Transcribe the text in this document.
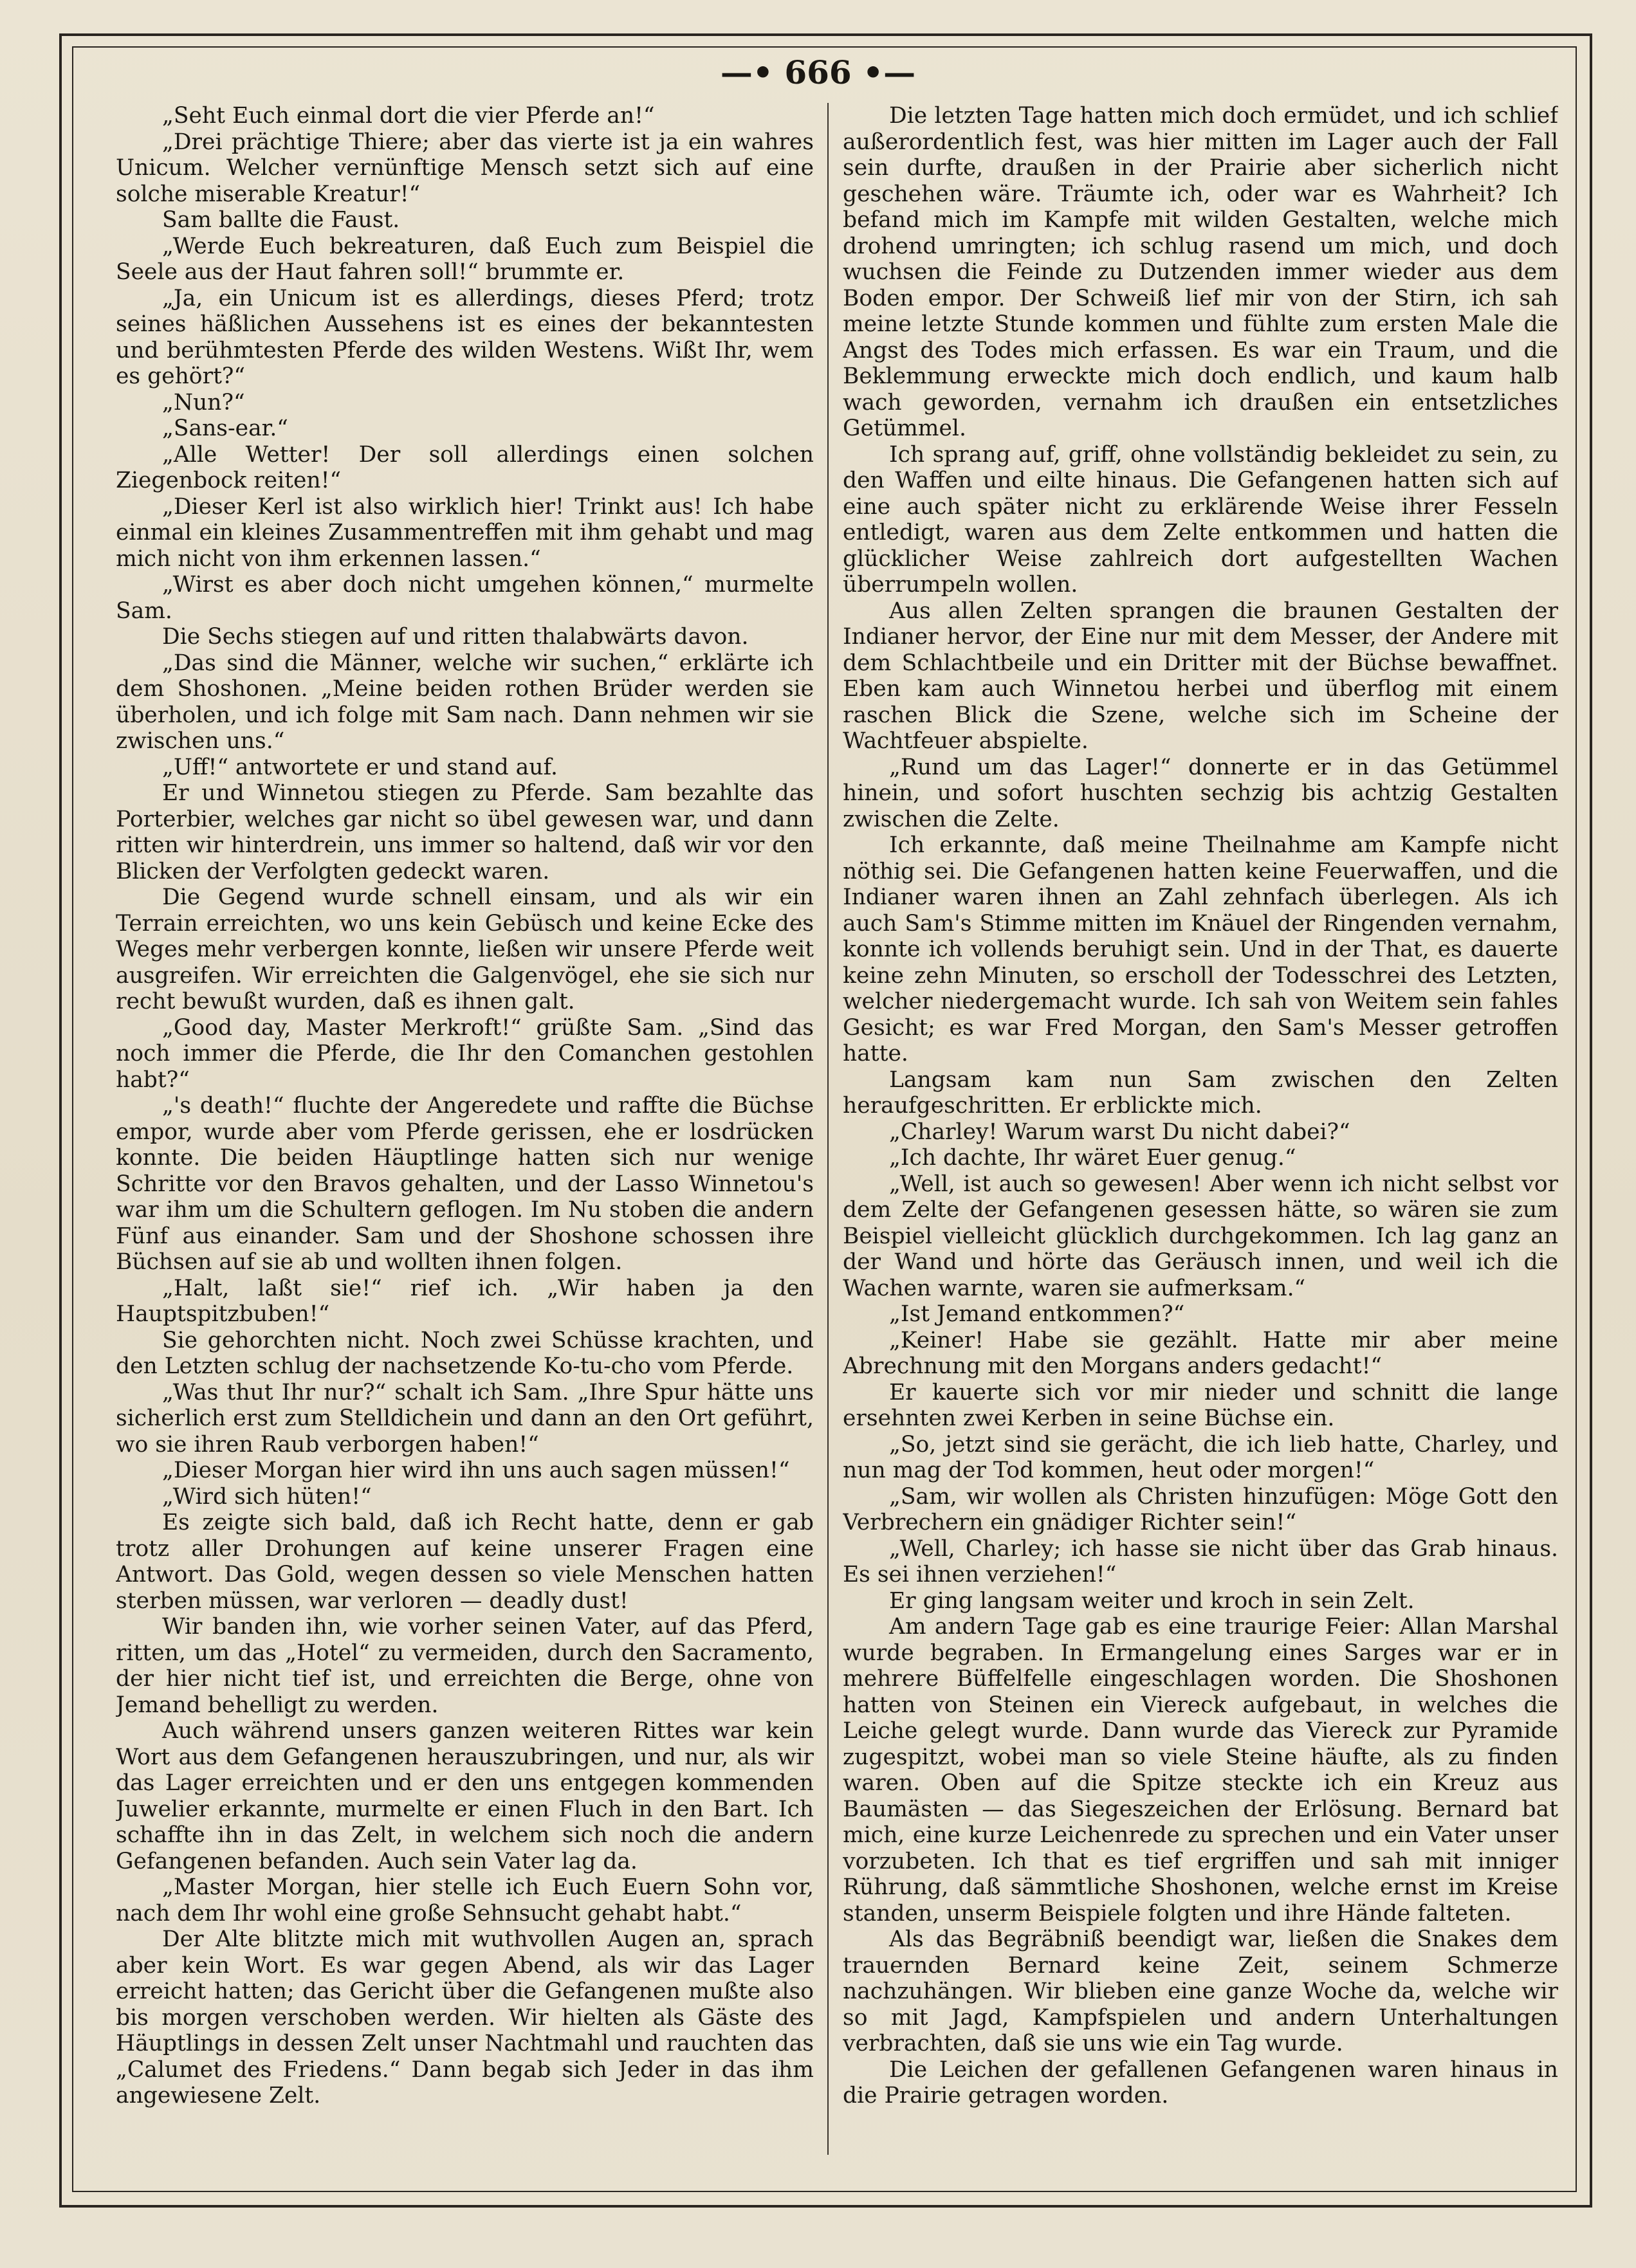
—• 666 •—

„Seht Euch einmal dort die vier Pferde an!“

„Drei prächtige Thiere; aber das vierte ist ja ein wahres Unicum. Welcher vernünftige Mensch setzt sich auf eine solche miserable Kreatur!“

Sam ballte die Faust.

„Werde Euch bekreaturen, daß Euch zum Beispiel die Seele aus der Haut fahren soll!“ brummte er.

„Ja, ein Unicum ist es allerdings, dieses Pferd; trotz seines häßlichen Aussehens ist es eines der bekanntesten und berühmtesten Pferde des wilden Westens. Wißt Ihr, wem es gehört?“

„Nun?“

„Sans-ear.“

„Alle Wetter! Der soll allerdings einen solchen Ziegenbock reiten!“

„Dieser Kerl ist also wirklich hier! Trinkt aus! Ich habe einmal ein kleines Zusammentreffen mit ihm gehabt und mag mich nicht von ihm erkennen lassen.“

„Wirst es aber doch nicht umgehen können,“ murmelte Sam.

Die Sechs stiegen auf und ritten thalabwärts davon.

„Das sind die Männer, welche wir suchen,“ erklärte ich dem Shoshonen. „Meine beiden rothen Brüder werden sie überholen, und ich folge mit Sam nach. Dann nehmen wir sie zwischen uns.“

„Uff!“ antwortete er und stand auf.

Er und Winnetou stiegen zu Pferde. Sam bezahlte das Porterbier, welches gar nicht so übel gewesen war, und dann ritten wir hinterdrein, uns immer so haltend, daß wir vor den Blicken der Verfolgten gedeckt waren.

Die Gegend wurde schnell einsam, und als wir ein Terrain erreichten, wo uns kein Gebüsch und keine Ecke des Weges mehr verbergen konnte, ließen wir unsere Pferde weit ausgreifen. Wir erreichten die Galgenvögel, ehe sie sich nur recht bewußt wurden, daß es ihnen galt.

„Good day, Master Merkroft!“ grüßte Sam. „Sind das noch immer die Pferde, die Ihr den Comanchen gestohlen habt?“

„'s death!“ fluchte der Angeredete und raffte die Büchse empor, wurde aber vom Pferde gerissen, ehe er losdrücken konnte. Die beiden Häuptlinge hatten sich nur wenige Schritte vor den Bravos gehalten, und der Lasso Winnetou's war ihm um die Schultern geflogen. Im Nu stoben die andern Fünf aus einander. Sam und der Shoshone schossen ihre Büchsen auf sie ab und wollten ihnen folgen.

„Halt, laßt sie!“ rief ich. „Wir haben ja den Hauptspitzbuben!“

Sie gehorchten nicht. Noch zwei Schüsse krachten, und den Letzten schlug der nachsetzende Ko-tu-cho vom Pferde.

„Was thut Ihr nur?“ schalt ich Sam. „Ihre Spur hätte uns sicherlich erst zum Stelldichein und dann an den Ort geführt, wo sie ihren Raub verborgen haben!“

„Dieser Morgan hier wird ihn uns auch sagen müssen!“

„Wird sich hüten!“

Es zeigte sich bald, daß ich Recht hatte, denn er gab trotz aller Drohungen auf keine unserer Fragen eine Antwort. Das Gold, wegen dessen so viele Menschen hatten sterben müssen, war verloren — deadly dust!

Wir banden ihn, wie vorher seinen Vater, auf das Pferd, ritten, um das „Hotel“ zu vermeiden, durch den Sacramento, der hier nicht tief ist, und erreichten die Berge, ohne von Jemand behelligt zu werden.

Auch während unsers ganzen weiteren Rittes war kein Wort aus dem Gefangenen herauszubringen, und nur, als wir das Lager erreichten und er den uns entgegen kommenden Juwelier erkannte, murmelte er einen Fluch in den Bart. Ich schaffte ihn in das Zelt, in welchem sich noch die andern Gefangenen befanden. Auch sein Vater lag da.

„Master Morgan, hier stelle ich Euch Euern Sohn vor, nach dem Ihr wohl eine große Sehnsucht gehabt habt.“

Der Alte blitzte mich mit wuthvollen Augen an, sprach aber kein Wort. Es war gegen Abend, als wir das Lager erreicht hatten; das Gericht über die Gefangenen mußte also bis morgen verschoben werden. Wir hielten als Gäste des Häuptlings in dessen Zelt unser Nachtmahl und rauchten das „Calumet des Friedens.“ Dann begab sich Jeder in das ihm angewiesene Zelt.

Die letzten Tage hatten mich doch ermüdet, und ich schlief außerordentlich fest, was hier mitten im Lager auch der Fall sein durfte, draußen in der Prairie aber sicherlich nicht geschehen wäre. Träumte ich, oder war es Wahrheit? Ich befand mich im Kampfe mit wilden Gestalten, welche mich drohend umringten; ich schlug rasend um mich, und doch wuchsen die Feinde zu Dutzenden immer wieder aus dem Boden empor. Der Schweiß lief mir von der Stirn, ich sah meine letzte Stunde kommen und fühlte zum ersten Male die Angst des Todes mich erfassen. Es war ein Traum, und die Beklemmung erweckte mich doch endlich, und kaum halb wach geworden, vernahm ich draußen ein entsetzliches Getümmel.

Ich sprang auf, griff, ohne vollständig bekleidet zu sein, zu den Waffen und eilte hinaus. Die Gefangenen hatten sich auf eine auch später nicht zu erklärende Weise ihrer Fesseln entledigt, waren aus dem Zelte entkommen und hatten die glücklicher Weise zahlreich dort aufgestellten Wachen überrumpeln wollen.

Aus allen Zelten sprangen die braunen Gestalten der Indianer hervor, der Eine nur mit dem Messer, der Andere mit dem Schlachtbeile und ein Dritter mit der Büchse bewaffnet. Eben kam auch Winnetou herbei und überflog mit einem raschen Blick die Szene, welche sich im Scheine der Wachtfeuer abspielte.

„Rund um das Lager!“ donnerte er in das Getümmel hinein, und sofort huschten sechzig bis achtzig Gestalten zwischen die Zelte.

Ich erkannte, daß meine Theilnahme am Kampfe nicht nöthig sei. Die Gefangenen hatten keine Feuerwaffen, und die Indianer waren ihnen an Zahl zehnfach überlegen. Als ich auch Sam's Stimme mitten im Knäuel der Ringenden vernahm, konnte ich vollends beruhigt sein. Und in der That, es dauerte keine zehn Minuten, so erscholl der Todesschrei des Letzten, welcher niedergemacht wurde. Ich sah von Weitem sein fahles Gesicht; es war Fred Morgan, den Sam's Messer getroffen hatte.

Langsam kam nun Sam zwischen den Zelten heraufgeschritten. Er erblickte mich.

„Charley! Warum warst Du nicht dabei?“

„Ich dachte, Ihr wäret Euer genug.“

„Well, ist auch so gewesen! Aber wenn ich nicht selbst vor dem Zelte der Gefangenen gesessen hätte, so wären sie zum Beispiel vielleicht glücklich durchgekommen. Ich lag ganz an der Wand und hörte das Geräusch innen, und weil ich die Wachen warnte, waren sie aufmerksam.“

„Ist Jemand entkommen?“

„Keiner! Habe sie gezählt. Hatte mir aber meine Abrechnung mit den Morgans anders gedacht!“

Er kauerte sich vor mir nieder und schnitt die lange ersehnten zwei Kerben in seine Büchse ein.

„So, jetzt sind sie gerächt, die ich lieb hatte, Charley, und nun mag der Tod kommen, heut oder morgen!“

„Sam, wir wollen als Christen hinzufügen: Möge Gott den Verbrechern ein gnädiger Richter sein!“

„Well, Charley; ich hasse sie nicht über das Grab hinaus. Es sei ihnen verziehen!“

Er ging langsam weiter und kroch in sein Zelt.

Am andern Tage gab es eine traurige Feier: Allan Marshal wurde begraben. In Ermangelung eines Sarges war er in mehrere Büffelfelle eingeschlagen worden. Die Shoshonen hatten von Steinen ein Viereck aufgebaut, in welches die Leiche gelegt wurde. Dann wurde das Viereck zur Pyramide zugespitzt, wobei man so viele Steine häufte, als zu finden waren. Oben auf die Spitze steckte ich ein Kreuz aus Baumästen — das Siegeszeichen der Erlösung. Bernard bat mich, eine kurze Leichenrede zu sprechen und ein Vater unser vorzubeten. Ich that es tief ergriffen und sah mit inniger Rührung, daß sämmtliche Shoshonen, welche ernst im Kreise standen, unserm Beispiele folgten und ihre Hände falteten.

Als das Begräbniß beendigt war, ließen die Snakes dem trauernden Bernard keine Zeit, seinem Schmerze nachzuhängen. Wir blieben eine ganze Woche da, welche wir so mit Jagd, Kampfspielen und andern Unterhaltungen verbrachten, daß sie uns wie ein Tag wurde.

Die Leichen der gefallenen Gefangenen waren hinaus in die Prairie getragen worden.
